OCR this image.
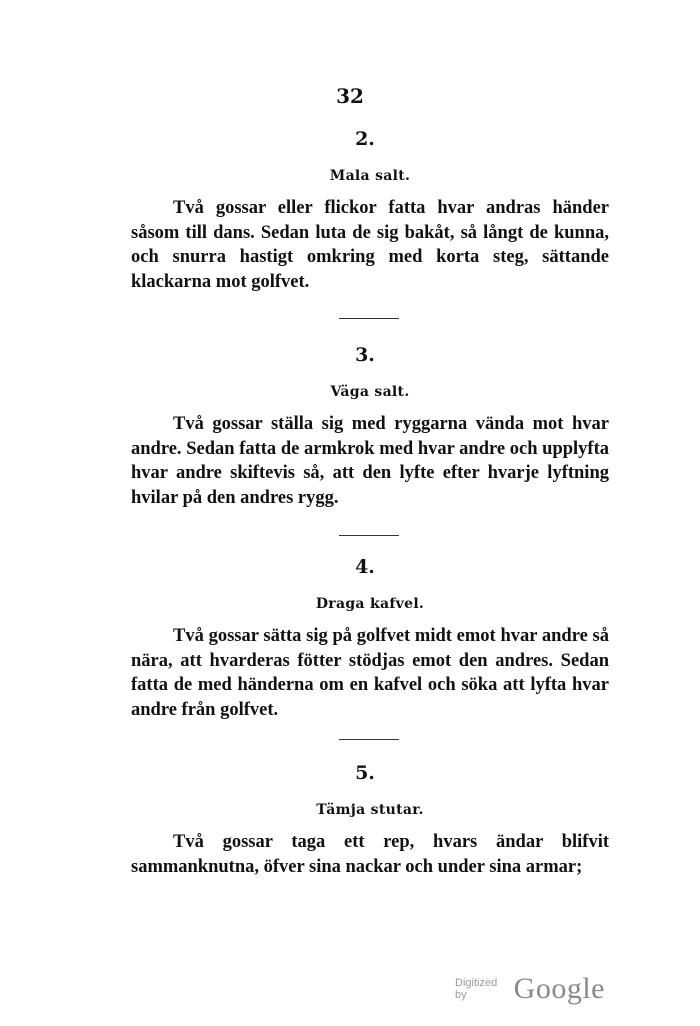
32
2.
Mala salt.
Två gossar eller flickor fatta hvar andras händer såsom till dans. Sedan luta de sig bakåt, så långt de kunna, och snurra hastigt omkring med korta steg, sättande klackarna mot golfvet.
3.
Väga salt.
Två gossar ställa sig med ryggarna vända mot hvar andre. Sedan fatta de armkrok med hvar andre och upplyfta hvar andre skiftevis så, att den lyfte efter hvarje lyftning hvilar på den andres rygg.
4.
Draga kafvel.
Två gossar sätta sig på golfvet midt emot hvar andre så nära, att hvarderas fötter stödjas emot den andres. Sedan fatta de med händerna om en kafvel och söka att lyfta hvar andre från golfvet.
5.
Tämja stutar.
Två gossar taga ett rep, hvars ändar blifvit sammanknutna, öfver sina nackar och under sina armar;
Digitized by	Google
